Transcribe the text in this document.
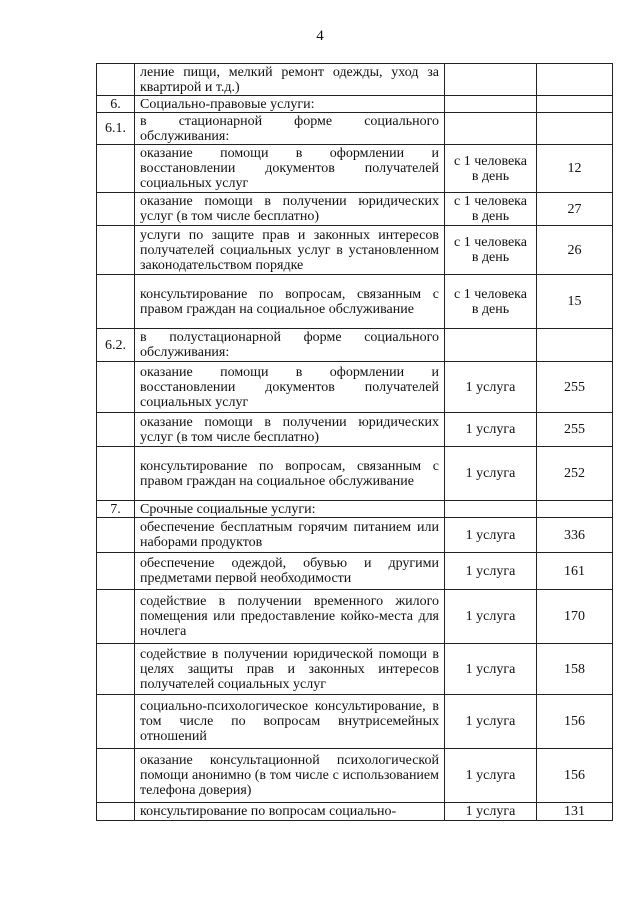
4
	ление пищи, мелкий ремонт одежды, уход за квартирой и т.д.)		
6.	Социально-правовые услуги:		
6.1.	в стационарной форме социального обслуживания:		
	оказание помощи в оформлении и восстановлении документов получателей социальных услуг	с 1 человека в день	12
	оказание помощи в получении юридических услуг (в том числе бесплатно)	с 1 человека в день	27
	услуги по защите прав и законных интересов получателей социальных услуг в установленном законодательством порядке	с 1 человека в день	26
	консультирование по вопросам, связанным с правом граждан на социальное обслуживание	с 1 человека в день	15
6.2.	в полустационарной форме социального обслуживания:		
	оказание помощи в оформлении и восстановлении документов получателей социальных услуг	1 услуга	255
	оказание помощи в получении юридических услуг (в том числе бесплатно)	1 услуга	255
	консультирование по вопросам, связанным с правом граждан на социальное обслуживание	1 услуга	252
7.	Срочные социальные услуги:		
	обеспечение бесплатным горячим питанием или наборами продуктов	1 услуга	336
	обеспечение одеждой, обувью и другими предметами первой необходимости	1 услуга	161
	содействие в получении временного жилого помещения или предоставление койко-места для ночлега	1 услуга	170
	содействие в получении юридической помощи в целях защиты прав и законных интересов получателей социальных услуг	1 услуга	158
	социально-психологическое консультирование, в том числе по вопросам внутрисемейных отношений	1 услуга	156
	оказание консультационной психологической помощи анонимно (в том числе с использованием телефона доверия)	1 услуга	156
	консультирование по вопросам социально-	1 услуга	131
